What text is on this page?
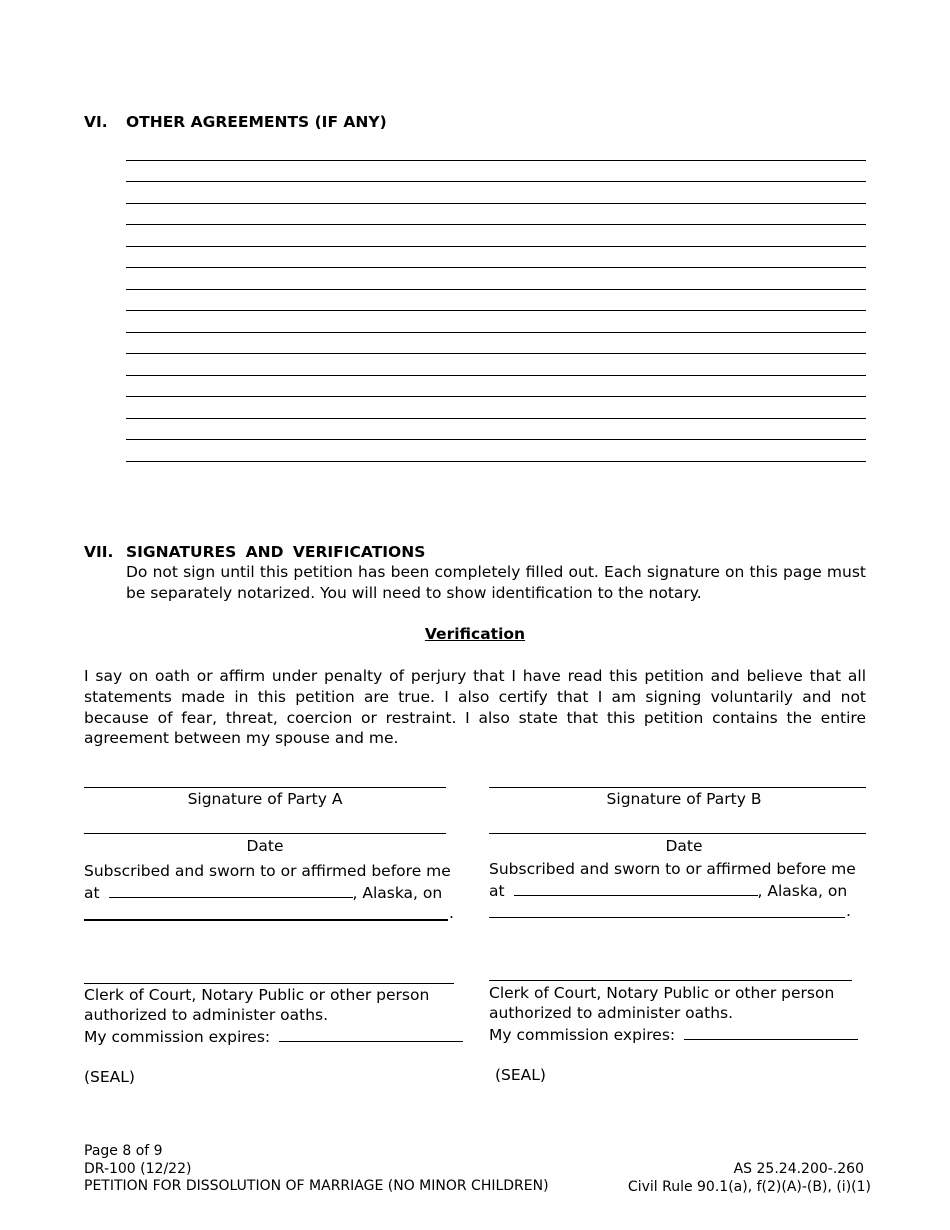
VI. OTHER AGREEMENTS (IF ANY)
VII. SIGNATURES AND VERIFICATIONS
Do not sign until this petition has been completely filled out. Each signature on this page must be separately notarized. You will need to show identification to the notary.
Verification
I say on oath or affirm under penalty of perjury that I have read this petition and believe that all statements made in this petition are true. I also certify that I am signing voluntarily and not because of fear, threat, coercion or restraint. I also state that this petition contains the entire agreement between my spouse and me.
Signature of Party A
Date
Subscribed and sworn to or affirmed before me
at	, Alaska, on
.
Clerk of Court, Notary Public or other person
authorized to administer oaths.
My commission expires:
(SEAL)
Signature of Party B
Date
Subscribed and sworn to or affirmed before me
at	, Alaska, on
.
Clerk of Court, Notary Public or other person
authorized to administer oaths.
My commission expires:
(SEAL)
Page 8 of 9
DR-100 (12/22)
PETITION FOR DISSOLUTION OF MARRIAGE (NO MINOR CHILDREN)
AS 25.24.200-.260
Civil Rule 90.1(a), f(2)(A)-(B), (i)(1)
